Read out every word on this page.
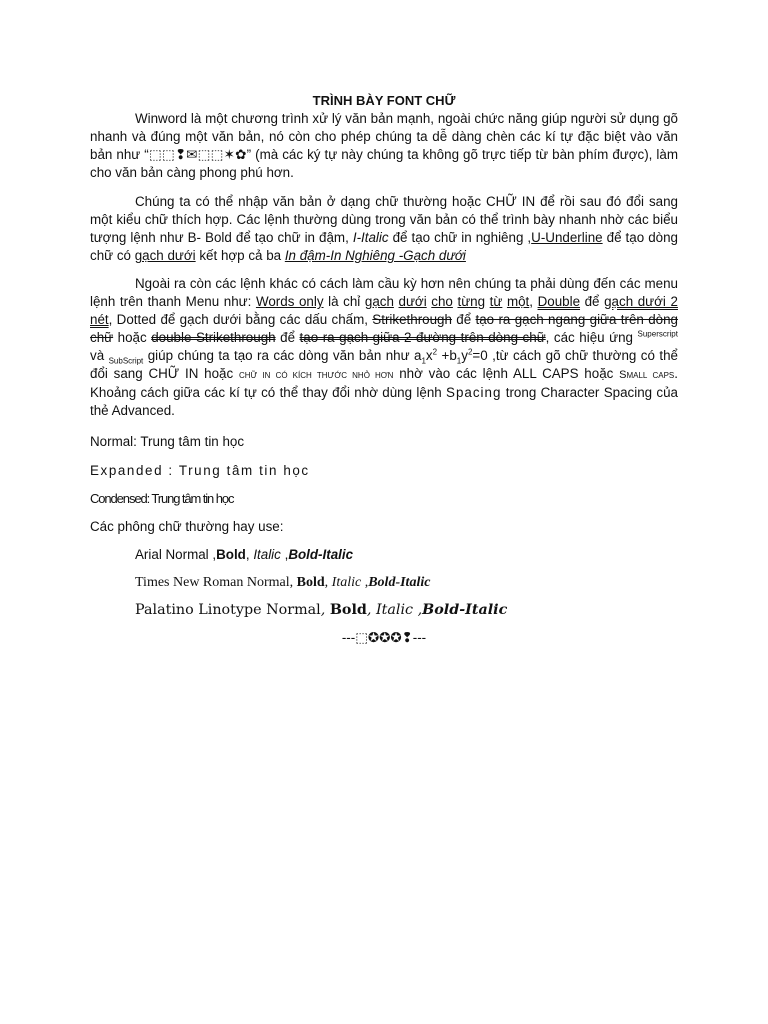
TRÌNH BÀY FONT CHỮ

Winword là một chương trình xử lý văn bản mạnh, ngoài chức năng giúp người sử dụng gõ nhanh và đúng một văn bản, nó còn cho phép chúng ta dễ dàng chèn các kí tự đặc biệt vào văn bản như “⬚⬚❢✉⬚⬚✶✿” (mà các ký tự này chúng ta không gõ trực tiếp từ bàn phím được), làm cho văn bản càng phong phú hơn.

Chúng ta có thể nhập văn bản ở dạng chữ thường hoặc CHỮ IN để rồi sau đó đổi sang một kiểu chữ thích hợp. Các lệnh thường dùng trong văn bản có thể trình bày nhanh nhờ các biểu tượng lệnh như B- Bold để tạo chữ in đậm, I-Italic để tạo chữ in nghiêng ,U-Underline để tạo dòng chữ có gạch dưới kết hợp cả ba In đậm-In Nghiêng -Gạch dưới

Ngoài ra còn các lệnh khác có cách làm cầu kỳ hơn nên chúng ta phải dùng đến các menu lệnh trên thanh Menu như: Words only là chỉ gạch dưới cho từng từ một, Double để gạch dưới 2 nét, Dotted để gạch dưới bằng các dấu chấm, Strikethrough để tạo ra gạch ngang giữa trên dòng chữ hoặc double Strikethrough để tạo ra gạch giữa 2 đường trên dòng chữ, các hiệu ứng $^{Superscript}$ và $_{SubScript}$ giúp chúng ta tạo ra các dòng văn bản như $a_1x^2 +b_1y^2=0$ ,từ cách gõ chữ thường có thể đổi sang CHỮ IN hoặc chữ in có kích thước nhỏ hơn nhờ vào các lệnh ALL CAPS hoặc Small caps. Khoảng cách giữa các kí tự có thể thay đổi nhờ dùng lệnh Spacing trong Character Spacing của thẻ Advanced.

Normal: Trung tâm tin học
Expanded : Trung tâm tin học
Condensed: Trung tâm tin học
Các phông chữ thường hay use:
Arial Normal ,Bold, Italic ,Bold-Italic
Times New Roman Normal, Bold, Italic ,Bold-Italic
Palatino Linotype Normal, Bold, Italic ,Bold-Italic
---⬚✪✪✪❢---
